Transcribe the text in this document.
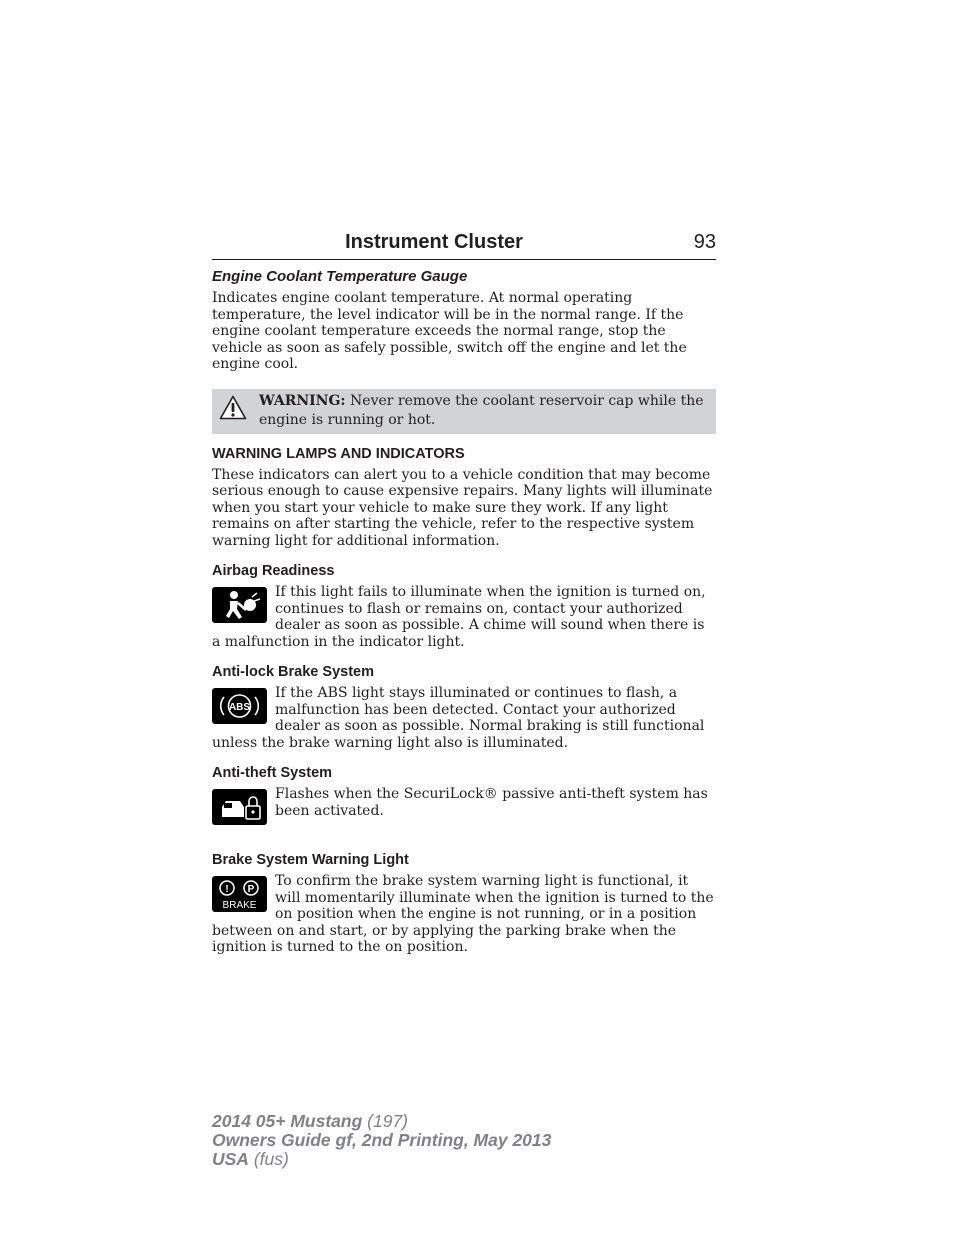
Instrument Cluster	93
Engine Coolant Temperature Gauge

Indicates engine coolant temperature. At normal operating temperature, the level indicator will be in the normal range. If the engine coolant temperature exceeds the normal range, stop the vehicle as soon as safely possible, switch off the engine and let the engine cool.

WARNING: Never remove the coolant reservoir cap while the engine is running or hot.
WARNING LAMPS AND INDICATORS

These indicators can alert you to a vehicle condition that may become serious enough to cause expensive repairs. Many lights will illuminate when you start your vehicle to make sure they work. If any light remains on after starting the vehicle, refer to the respective system warning light for additional information.

Airbag Readiness
If this light fails to illuminate when the ignition is turned on, continues to flash or remains on, contact your authorized dealer as soon as possible. A chime will sound when there is a malfunction in the indicator light.
Anti-lock Brake System
ABS
If the ABS light stays illuminated or continues to flash, a malfunction has been detected. Contact your authorized dealer as soon as possible. Normal braking is still functional unless the brake warning light also is illuminated.
Anti-theft System
Flashes when the SecuriLock® passive anti-theft system has been activated.
Brake System Warning Light
! P
BRAKE
To confirm the brake system warning light is functional, it will momentarily illuminate when the ignition is turned to the on position when the engine is not running, or in a position between on and start, or by applying the parking brake when the ignition is turned to the on position.
2014 05+ Mustang (197)
Owners Guide gf, 2nd Printing, May 2013
USA (fus)
